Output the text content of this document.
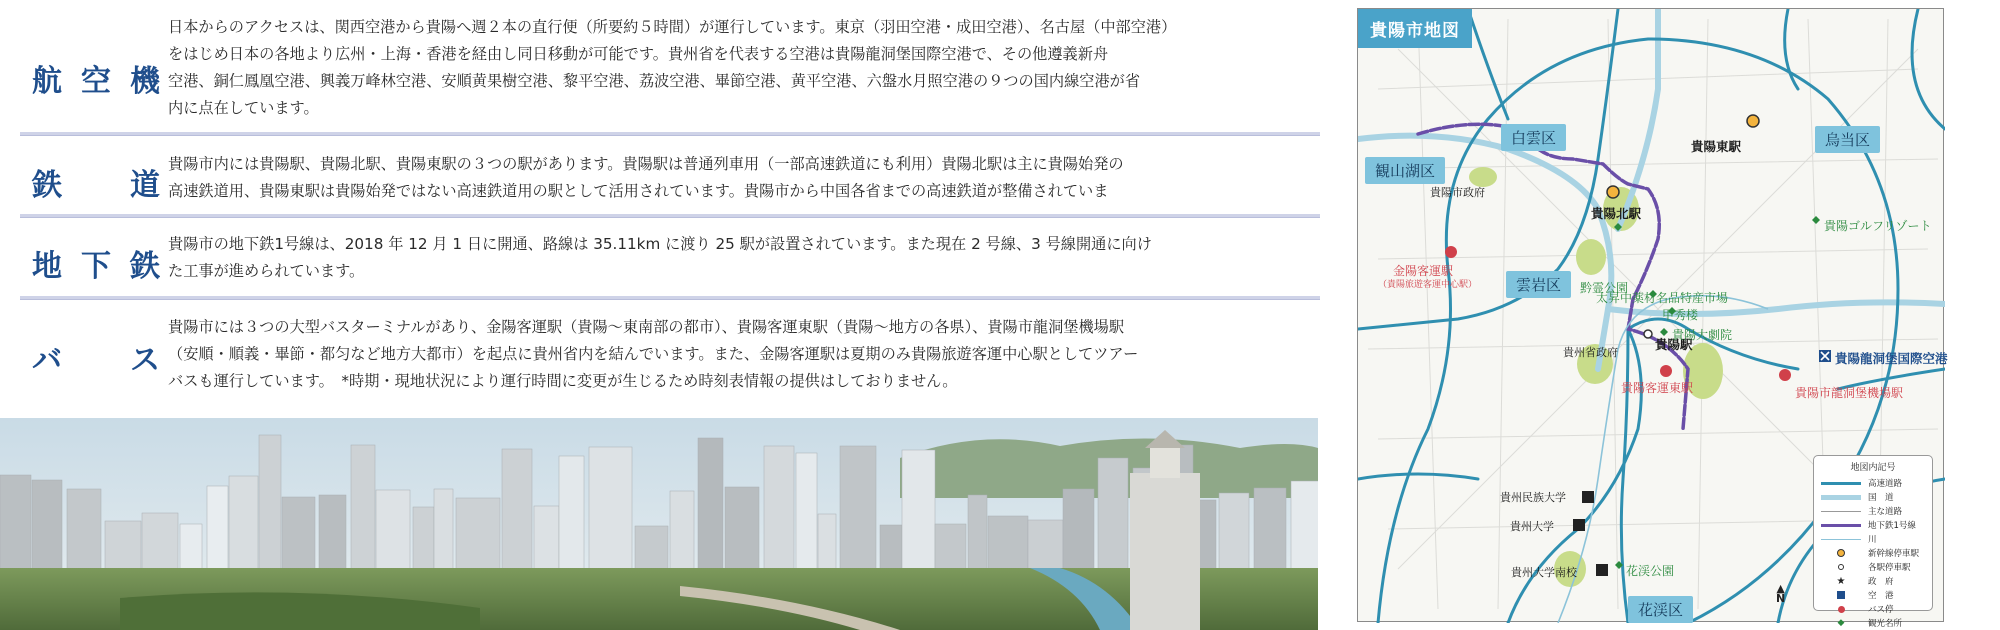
航空機
日本からのアクセスは、関西空港から貴陽へ週２本の直行便（所要約５時間）が運行しています。東京（羽田空港・成田空港）、名古屋（中部空港）
をはじめ日本の各地より広州・上海・香港を経由し同日移動が可能です。貴州省を代表する空港は貴陽龍洞堡国際空港で、その他遵義新舟
空港、銅仁鳳凰空港、興義万峰林空港、安順黄果樹空港、黎平空港、荔波空港、畢節空港、黄平空港、六盤水月照空港の９つの国内線空港が省
内に点在しています。
鉄　道
貴陽市内には貴陽駅、貴陽北駅、貴陽東駅の３つの駅があります。貴陽駅は普通列車用（一部高速鉄道にも利用）貴陽北駅は主に貴陽始発の
高速鉄道用、貴陽東駅は貴陽始発ではない高速鉄道用の駅として活用されています。貴陽市から中国各省までの高速鉄道が整備されていま
地下鉄
貴陽市の地下鉄1号線は、2018 年 12 月 1 日に開通、路線は 35.11km に渡り 25 駅が設置されています。また現在 2 号線、3 号線開通に向け
た工事が進められています。
バ　ス
貴陽市には３つの大型バスターミナルがあり、金陽客運駅（貴陽～東南部の都市）、貴陽客運東駅（貴陽～地方の各県）、貴陽市龍洞堡機場駅
（安順・順義・畢節・都匀など地方大都市）を起点に貴州省内を結んでいます。また、金陽客運駅は夏期のみ貴陽旅遊客運中心駅としてツアー
バスも運行しています。　*時期・現地状況により運行時間に変更が生じるため時刻表情報の提供はしておりません。
貴陽市地図
白雲区
観山湖区
烏当区
雲岩区
花渓区
貴陽東駅
貴陽北駅
貴陽駅
貴陽市政府
貴州省政府
貴陽ゴルフリゾート
黔霊公園
太昇中薬材名品特産市場
甲秀楼
貴陽大劇院
花渓公園
金陽客運駅
（貴陽旅遊客運中心駅）
貴陽客運東駅	貴陽市龍洞堡機場駅
貴陽龍洞堡国際空港
貴州民族大学
貴州大学
貴州大学南校
地図内記号
高速道路
国　道
主な道路
地下鉄1号線
川
新幹線停車駅
各駅停車駅
★	政　府
空　港
バス停
◆	観光名所
▲
N
